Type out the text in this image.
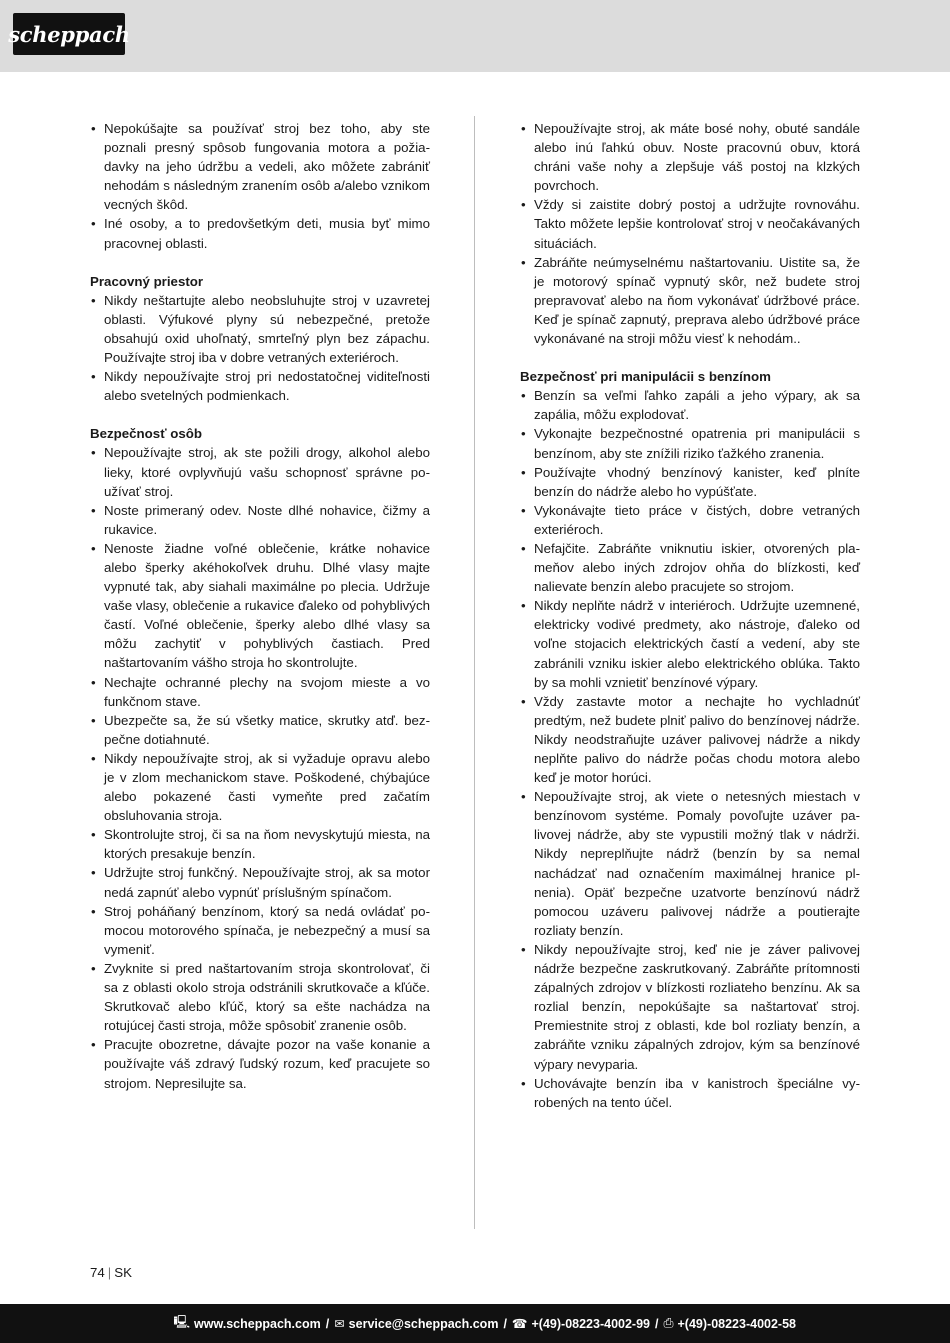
scheppach
• Nepokúšajte sa používať stroj bez toho, aby ste poznali presný spôsob fungovania motora a požiadavky na jeho údržbu a vedeli, ako môžete zabrániť nehodám s následným zranením osôb a/alebo vznikom vecných škôd.
• Iné osoby, a to predovšetkým deti, musia byť mimo pracovnej oblasti.
Pracovný priestor
• Nikdy neštartujte alebo neobsluhujte stroj v uzavretej oblasti. Výfukové plyny sú nebezpečné, pretože obsahujú oxid uhoľnatý, smrteľný plyn bez zápachu. Používajte stroj iba v dobre vetraných exteriéroch.
• Nikdy nepoužívajte stroj pri nedostatočnej viditeľnosti alebo svetelných podmienkach.
Bezpečnosť osôb
• Nepoužívajte stroj, ak ste požili drogy, alkohol alebo lieky, ktoré ovplyvňujú vašu schopnosť správne používať stroj.
• Noste primeraný odev. Noste dlhé nohavice, čižmy a rukavice.
• Nenoste žiadne voľné oblečenie, krátke nohavice alebo šperky akéhokoľvek druhu. Dlhé vlasy majte vypnuté tak, aby siahali maximálne po plecia. Udržuje vaše vlasy, oblečenie a rukavice ďaleko od pohyblivých častí. Voľné oblečenie, šperky alebo dlhé vlasy sa môžu zachytiť v pohyblivých častiach. Pred naštartovaním vášho stroja ho skontrolujte.
• Nechajte ochranné plechy na svojom mieste a vo funkčnom stave.
• Ubezpečte sa, že sú všetky matice, skrutky atď. bezpečne dotiahnuté.
• Nikdy nepoužívajte stroj, ak si vyžaduje opravu alebo je v zlom mechanickom stave. Poškodené, chýbajúce alebo pokazené časti vymeňte pred začatím obsluhovania stroja.
• Skontrolujte stroj, či sa na ňom nevyskytujú miesta, na ktorých presakuje benzín.
• Udržujte stroj funkčný. Nepoužívajte stroj, ak sa motor nedá zapnúť alebo vypnúť príslušným spínačom.
• Stroj poháňaný benzínom, ktorý sa nedá ovládať pomocou motorového spínača, je nebezpečný a musí sa vymeniť.
• Zvyknite si pred naštartovaním stroja skontrolovať, či sa z oblasti okolo stroja odstránili skrutkovače a kľúče. Skrutkovač alebo kľúč, ktorý sa ešte nachádza na rotujúcej časti stroja, môže spôsobiť zranenie osôb.
• Pracujte obozretne, dávajte pozor na vaše konanie a používajte váš zdravý ľudský rozum, keď pracujete so strojom. Nepresilujte sa.
• Nepoužívajte stroj, ak máte bosé nohy, obuté sandále alebo inú ľahkú obuv. Noste pracovnú obuv, ktorá chráni vaše nohy a zlepšuje váš postoj na klzkých povrchoch.
• Vždy si zaistite dobrý postoj a udržujte rovnováhu. Takto môžete lepšie kontrolovať stroj v neočakávaných situáciách.
• Zabráňte neúmyselnému naštartovaniu. Uistite sa, že je motorový spínač vypnutý skôr, než budete stroj prepravovať alebo na ňom vykonávať údržbové práce. Keď je spínač zapnutý, preprava alebo údržbové práce vykonávané na stroji môžu viesť k nehodám..
Bezpečnosť pri manipulácii s benzínom
• Benzín sa veľmi ľahko zapáli a jeho výpary, ak sa zapália, môžu explodovať.
• Vykonajte bezpečnostné opatrenia pri manipulácii s benzínom, aby ste znížili riziko ťažkého zranenia.
• Používajte vhodný benzínový kanister, keď plníte benzín do nádrže alebo ho vypúšťate.
• Vykonávajte tieto práce v čistých, dobre vetraných exteriéroch.
• Nefajčite. Zabráňte vniknutiu iskier, otvorených plameňov alebo iných zdrojov ohňa do blízkosti, keď nalievate benzín alebo pracujete so strojom.
• Nikdy neplňte nádrž v interiéroch. Udržujte uzemnené, elektricky vodivé predmety, ako nástroje, ďaleko od voľne stojacich elektrických častí a vedení, aby ste zabránili vzniku iskier alebo elektrického oblúka. Takto by sa mohli vznietiť benzínové výpary.
• Vždy zastavte motor a nechajte ho vychladnúť predtým, než budete plniť palivo do benzínovej nádrže. Nikdy neodstraňujte uzáver palivovej nádrže a nikdy neplňte palivo do nádrže počas chodu motora alebo keď je motor horúci.
• Nepoužívajte stroj, ak viete o netesných miestach v benzínovom systéme. Pomaly povoľujte uzáver palivovej nádrže, aby ste vypustili možný tlak v nádrži. Nikdy nepreplňujte nádrž (benzín by sa nemal nachádzať nad označením maximálnej hranice plnenia). Opäť bezpečne uzatvorte benzínovú nádrž pomocou uzáveru palivovej nádrže a poutierajte rozliaty benzín.
• Nikdy nepoužívajte stroj, keď nie je záver palivovej nádrže bezpečne zaskrutkovaný. Zabráňte prítomnosti zápalných zdrojov v blízkosti rozliateho benzínu. Ak sa rozlial benzín, nepokúšajte sa naštartovať stroj. Premiestnite stroj z oblasti, kde bol rozliaty benzín, a zabráňte vzniku zápalných zdrojov, kým sa benzínové výpary nevyparia.
• Uchovávajte benzín iba v kanistroch špeciálne vyrobených na tento účel.
74 | SK
🖳 www.scheppach.com / ✉ service@scheppach.com / ☎ +(49)-08223-4002-99 / ⎙ +(49)-08223-4002-58
